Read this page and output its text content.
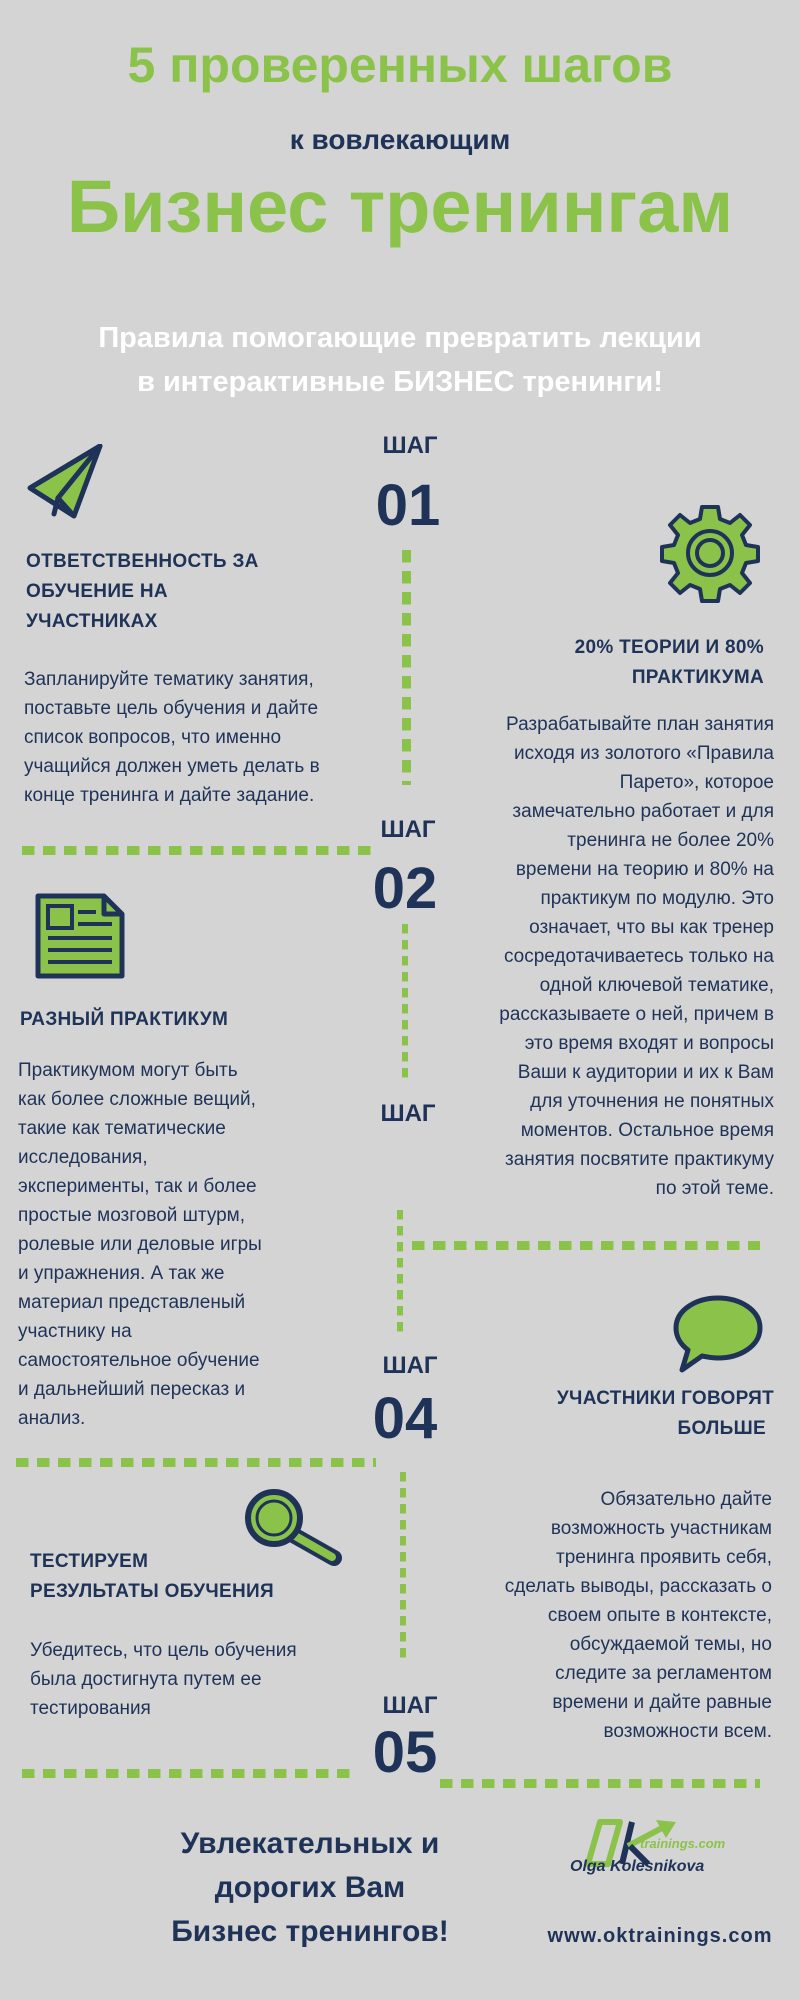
5 проверенных шагов
к вовлекающим
Бизнес тренингам
Правила помогающие превратить лекции
в интерактивные БИЗНЕС тренинги!
ШАГ
01
ОТВЕТСТВЕННОСТЬ ЗА
ОБУЧЕНИЕ НА
УЧАСТНИКАХ
Запланируйте тематику занятия,
поставьте цель обучения и дайте
список вопросов, что именно
учащийся должен уметь делать в
конце тренинга и дайте задание.
20% ТЕОРИИ И 80%
ПРАКТИКУМА
Разрабатывайте план занятия
исходя из золотого «Правила
Парето», которое
замечательно работает и для
тренинга не более 20%
времени на теорию и 80% на
практикум по модулю. Это
означает, что вы как тренер
сосредотачиваетесь только на
одной ключевой тематике,
рассказываете о ней, причем в
это время входят и вопросы
Ваши к аудитории и их к Вам
для уточнения не понятных
моментов. Остальное время
занятия посвятите практикуму
по этой теме.
ШАГ
02
РАЗНЫЙ ПРАКТИКУМ
Практикумом могут быть
как более сложные вещий,
такие как тематические
исследования,
эксперименты, так и более
простые мозговой штурм,
ролевые или деловые игры
и упражнения. А так же
материал представленый
участнику на
самостоятельное обучение
и дальнейший пересказ и
анализ.
ШАГ
ШАГ
04	УЧАСТНИКИ ГОВОРЯТ
БОЛЬШЕ
Обязательно дайте
возможность участникам
тренинга проявить себя,
сделать выводы, рассказать о
своем опыте в контексте,
обсуждаемой темы, но
следите за регламентом
времени и дайте равные
возможности всем.
ТЕСТИРУЕМ
РЕЗУЛЬТАТЫ ОБУЧЕНИЯ
Убедитесь, что цель обучения
была достигнута путем ее
тестирования	ШАГ
05
Увлекательных и
дорогих Вам
Бизнес тренингов!
trainings.com
Olga Kolesnikova
www.oktrainings.com
